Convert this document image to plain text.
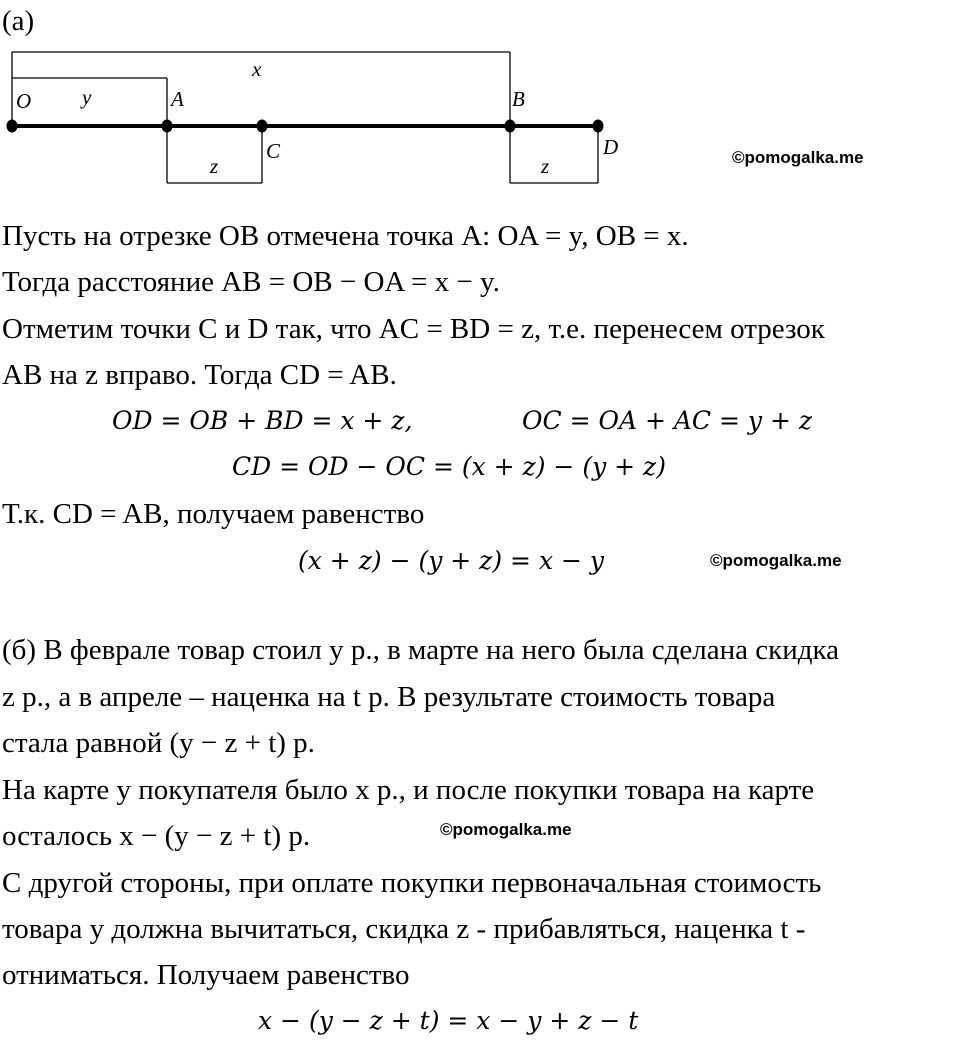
(а)
x
O y	A	B
C	D
z	z	©pomogalka.me
Пусть на отрезке OB отмечена точка A: OA = y, OB = x.
Тогда расстояние AB = OB − OA = x − y.
Отметим точки C и D так, что AC = BD = z, т.е. перенесем отрезок
AB на z вправо. Тогда CD = AB.
OD = OB + BD = x + z,	OC = OA + AC = y + z
CD = OD − OC = (x + z) − (y + z)
Т.к. CD = AB, получаем равенство
(x + z) − (y + z) = x − y	©pomogalka.me
(б) В феврале товар стоил y р., в марте на него была сделана скидка
z р., а в апреле – наценка на t р. В результате стоимость товара
стала равной (y − z + t) р.
На карте у покупателя было x р., и после покупки товара на карте
осталось x − (y − z + t) р.	©pomogalka.me
С другой стороны, при оплате покупки первоначальная стоимость
товара y должна вычитаться, скидка z - прибавляться, наценка t -
отниматься. Получаем равенство
x − (y − z + t) = x − y + z − t
